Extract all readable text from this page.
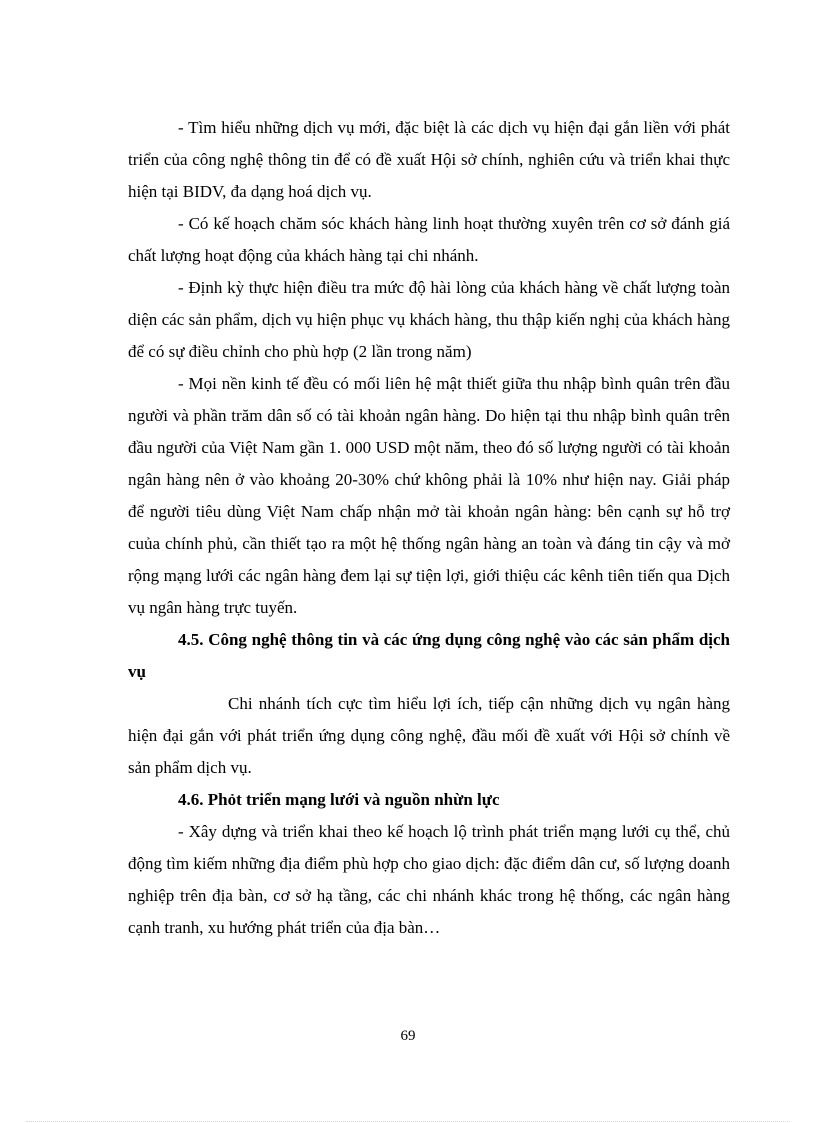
- Tìm hiểu những dịch vụ mới, đặc biệt là các dịch vụ hiện đại gắn liền với phát triển của công nghệ thông tin để có đề xuất Hội sở chính, nghiên cứu và triển khai thực hiện tại BIDV, đa dạng hoá dịch vụ.

- Có kế hoạch chăm sóc khách hàng linh hoạt thường xuyên trên cơ sở đánh giá chất lượng hoạt động của khách hàng tại chi nhánh.

- Định kỳ thực hiện điều tra mức độ hài lòng của khách hàng về chất lượng toàn diện các sản phẩm, dịch vụ hiện phục vụ khách hàng, thu thập kiến nghị của khách hàng để có sự điều chỉnh cho phù hợp (2 lần trong năm)

- Mọi nền kinh tế đều có mối liên hệ mật thiết giữa thu nhập bình quân trên đầu người và phần trăm dân số có tài khoản ngân hàng. Do hiện tại thu nhập bình quân trên đầu người của Việt Nam gần 1. 000 USD một năm, theo đó số lượng người có tài khoản ngân hàng nên ở vào khoảng 20-30% chứ không phải là 10% như hiện nay. Giải pháp để người tiêu dùng Việt Nam chấp nhận mở tài khoản ngân hàng: bên cạnh sự hỗ trợ cuủa chính phủ, cần thiết tạo ra một hệ thống ngân hàng an toàn và đáng tin cậy và mở rộng mạng lưới các ngân hàng đem lại sự tiện lợi, giới thiệu các kênh tiên tiến qua Dịch vụ ngân hàng trực tuyến.

4.5. Công nghệ thông tin và các ứng dụng công nghệ vào các sản phẩm dịch vụ

Chi nhánh tích cực tìm hiểu lợi ích, tiếp cận những dịch vụ ngân hàng hiện đại gắn với phát triển ứng dụng công nghệ, đầu mối đề xuất với Hội sở chính về sản phẩm dịch vụ.

4.6. Phỏt triển mạng lưới và nguồn nhừn lực

- Xây dựng và triển khai theo kế hoạch lộ trình phát triển mạng lưới cụ thể, chủ động tìm kiếm những địa điểm phù hợp cho giao dịch: đặc điểm dân cư, số lượng doanh nghiệp trên địa bàn, cơ sở hạ tầng, các chi nhánh khác trong hệ thống, các ngân hàng cạnh tranh, xu hướng phát triển của địa bàn…

69
